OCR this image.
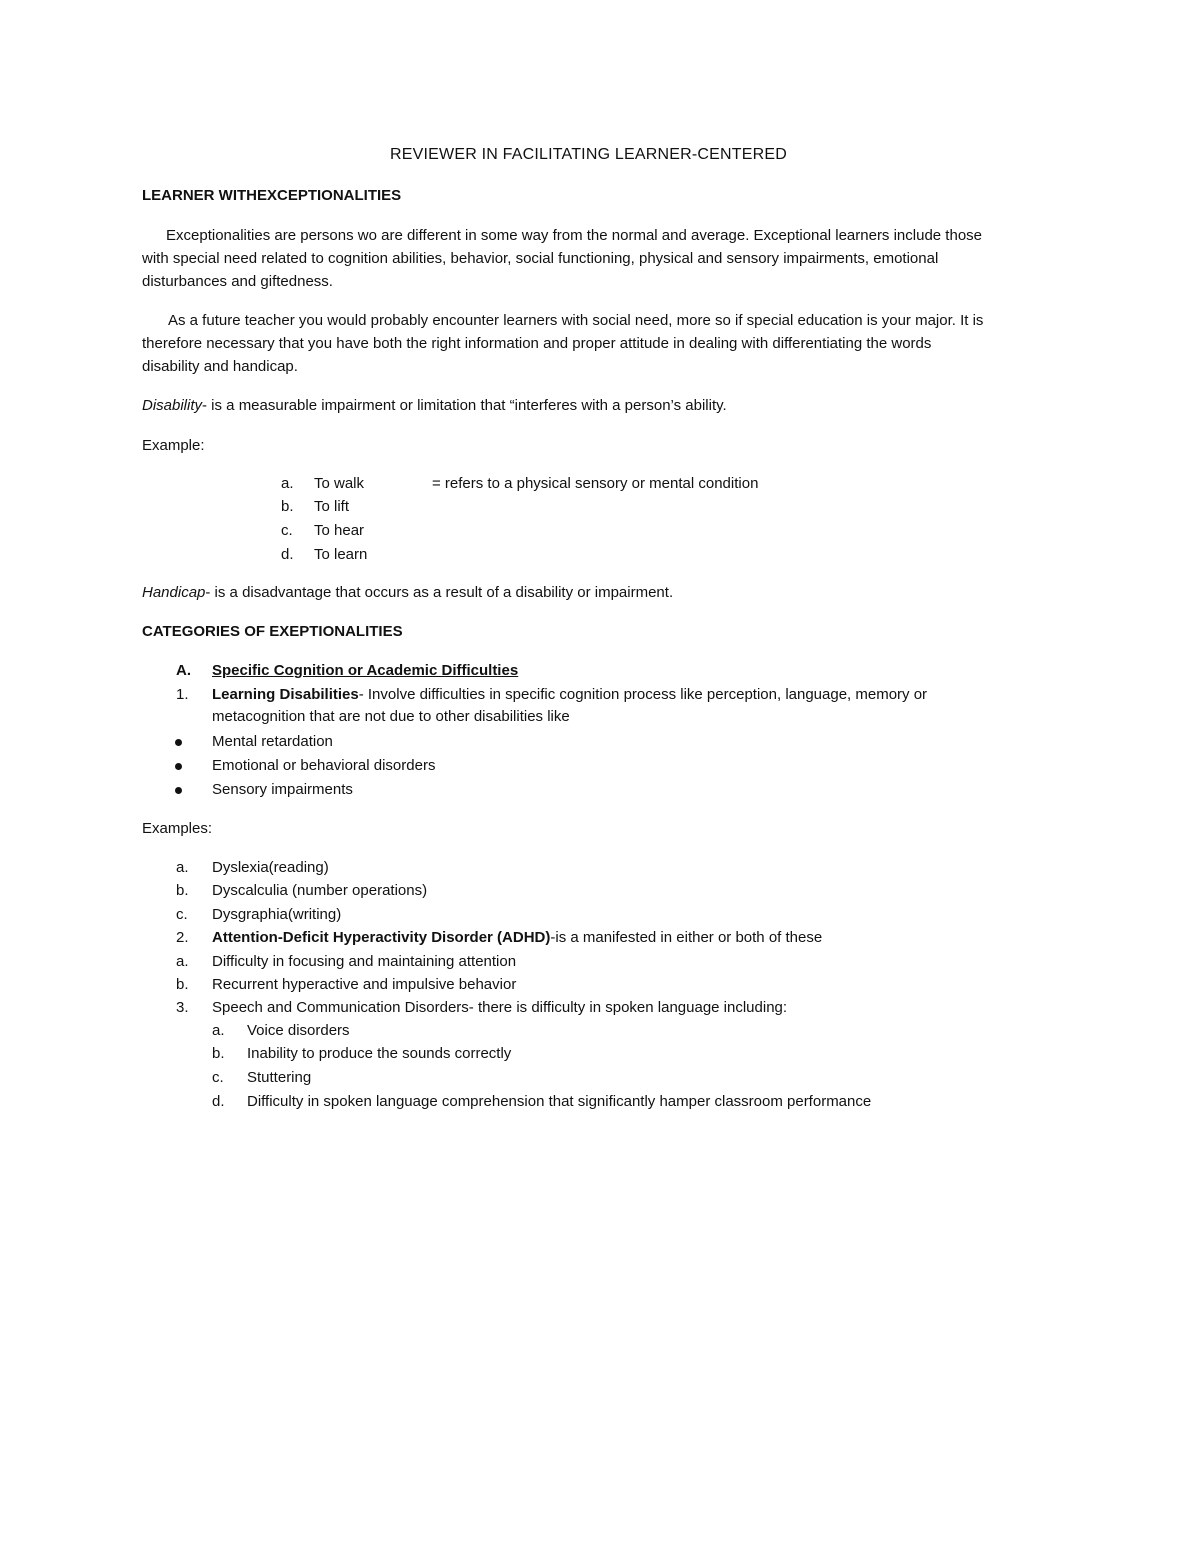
REVIEWER IN FACILITATING LEARNER-CENTERED
LEARNER WITHEXCEPTIONALITIES
Exceptionalities are persons wo are different in some way from the normal and average. Exceptional learners include those
with special need related to cognition abilities, behavior, social functioning, physical and sensory impairments, emotional
disturbances and giftedness.
As a future teacher you would probably encounter learners with social need, more so if special education is your major. It is
therefore necessary that you have both the right information and proper attitude in dealing with differentiating the words
disability and handicap.
Disability- is a measurable impairment or limitation that “interferes with a person’s ability.
Example:
a. To walk	= refers to a physical sensory or mental condition
b. To lift
c. To hear
d. To learn
Handicap- is a disadvantage that occurs as a result of a disability or impairment.
CATEGORIES OF EXEPTIONALITIES
A. Specific Cognition or Academic Difficulties
1. Learning Disabilities- Involve difficulties in specific cognition process like perception, language, memory or
metacognition that are not due to other disabilities like
Mental retardation
Emotional or behavioral disorders
Sensory impairments
Examples:
a. Dyslexia(reading)
b. Dyscalculia (number operations)
c. Dysgraphia(writing)
2. Attention-Deficit Hyperactivity Disorder (ADHD)-is a manifested in either or both of these
a. Difficulty in focusing and maintaining attention
b. Recurrent hyperactive and impulsive behavior
3. Speech and Communication Disorders- there is difficulty in spoken language including:
a. Voice disorders
b. Inability to produce the sounds correctly
c. Stuttering
d. Difficulty in spoken language comprehension that significantly hamper classroom performance
